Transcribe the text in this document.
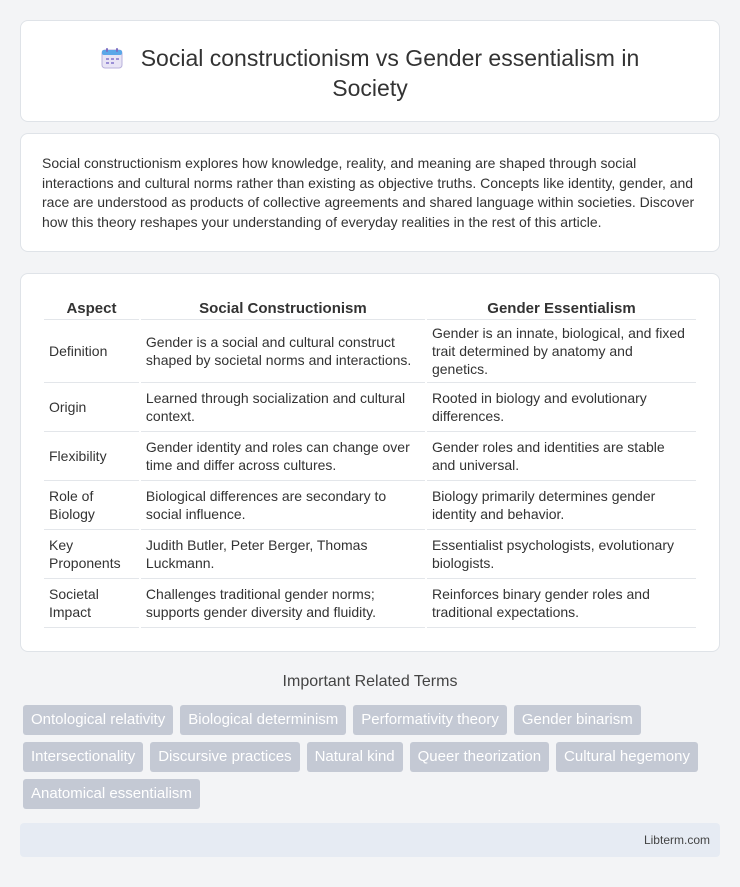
Social constructionism vs Gender essentialism in Society

Social constructionism explores how knowledge, reality, and meaning are shaped through social interactions and cultural norms rather than existing as objective truths. Concepts like identity, gender, and race are understood as products of collective agreements and shared language within societies. Discover how this theory reshapes your understanding of everyday realities in the rest of this article.

Aspect	Social Constructionism	Gender Essentialism
Definition	Gender is a social and cultural construct shaped by societal norms and interactions.	Gender is an innate, biological, and fixed trait determined by anatomy and genetics.
Origin	Learned through socialization and cultural context.	Rooted in biology and evolutionary differences.
Flexibility	Gender identity and roles can change over time and differ across cultures.	Gender roles and identities are stable and universal.
Role of Biology	Biological differences are secondary to social influence.	Biology primarily determines gender identity and behavior.
Key Proponents	Judith Butler, Peter Berger, Thomas Luckmann.	Essentialist psychologists, evolutionary biologists.
Societal Impact	Challenges traditional gender norms; supports gender diversity and fluidity.	Reinforces binary gender roles and traditional expectations.
Important Related Terms
Ontological relativity	Biological determinism	Performativity theory	Gender binarism
Intersectionality	Discursive practices	Natural kind	Queer theorization	Cultural hegemony
Anatomical essentialism
Libterm.com
